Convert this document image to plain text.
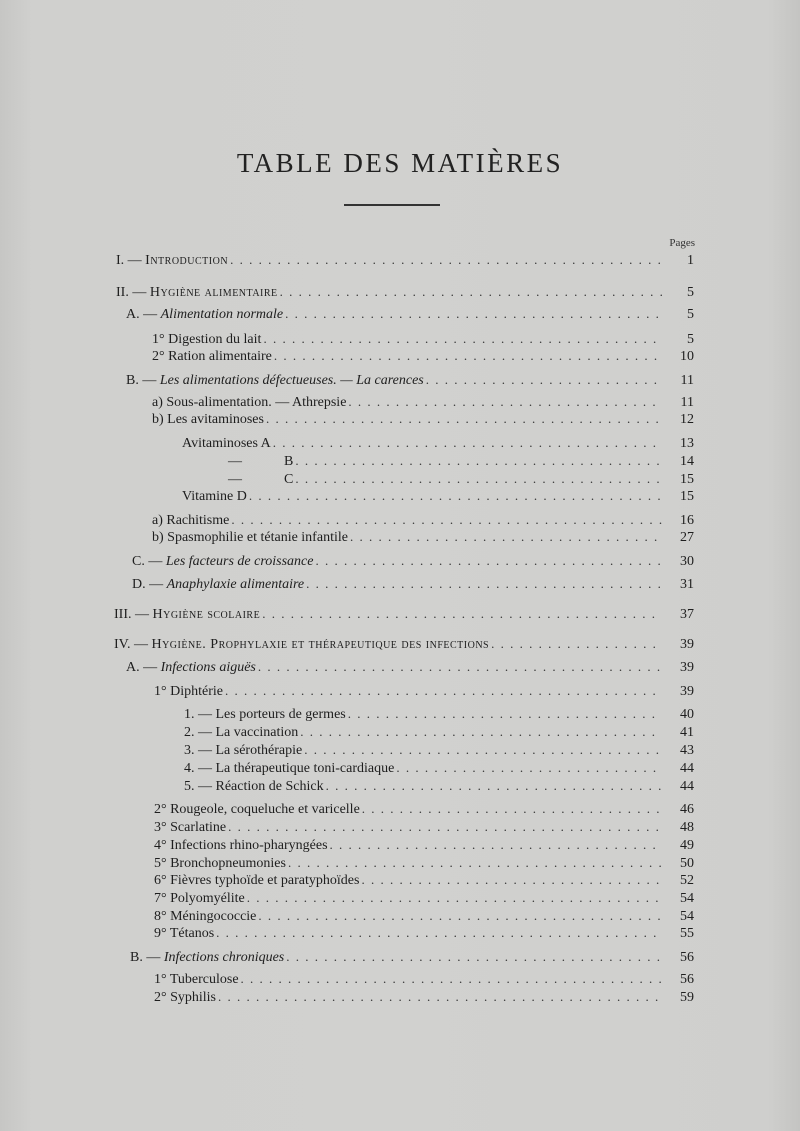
TABLE DES MATIÈRES
Pages
I. — Introduction . . .	1
II. — Hygiène alimentaire . . .	5
A. — Alimentation normale . . .	5
1° Digestion du lait . . .	5
2° Ration alimentaire . . .	10
B. — Les alimentations défectueuses. — La carences . . .	11
a) Sous-alimentation. — Athrepsie . . .	11
b) Les avitaminoses . . .	12
Avitaminoses A . . .	13
—            B . . .	14
—            C . . .	15
Vitamine D . . .	15
a) Rachitisme . . .	16
b) Spasmophilie et tétanie infantile . . .	27
C. — Les facteurs de croissance . . .	30
D. — Anaphylaxie alimentaire . . .	31
III. — Hygiène scolaire . . .	37
IV. — Hygiène. Prophylaxie et thérapeutique des infections . . .	39
A. — Infections aiguës . . .	39
1° Diphtérie . . .	39
1. — Les porteurs de germes . . .	40
2. — La vaccination . . .	41
3. — La sérothérapie . . .	43
4. — La thérapeutique toni-cardiaque . . .	44
5. — Réaction de Schick . . .	44
2° Rougeole, coqueluche et varicelle . . .	46
3° Scarlatine . . .	48
4° Infections rhino-pharyngées . . .	49
5° Bronchopneumonies . . .	50
6° Fièvres typhoïde et paratyphoïdes . . .	52
7° Polyomyélite . . .	54
8° Méningococcie . . .	54
9° Tétanos . . .	55
B. — Infections chroniques . . .	56
1° Tuberculose . . .	56
2° Syphilis . . .	59
